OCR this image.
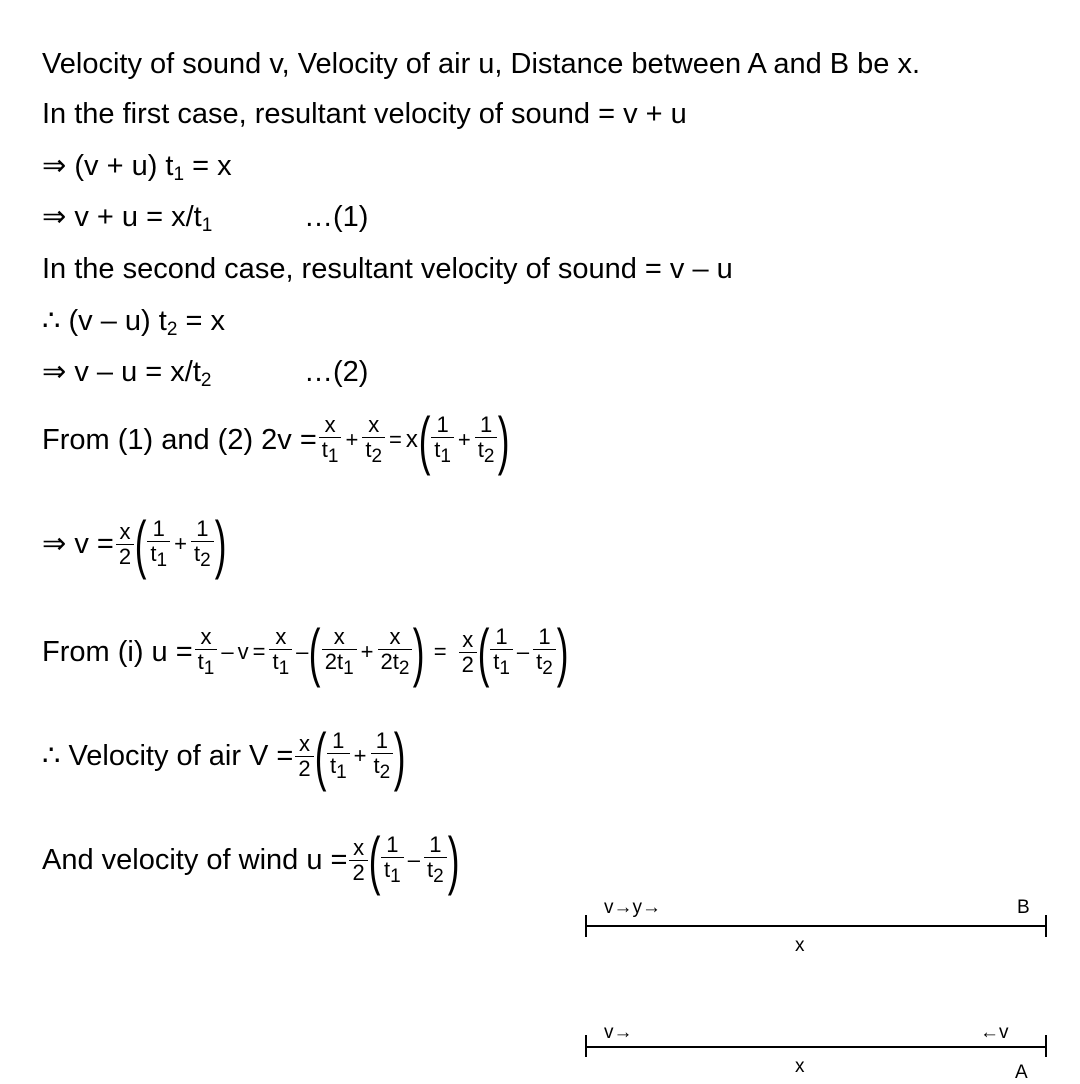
Velocity of sound v, Velocity of air u, Distance between A and B be x.
In the first case, resultant velocity of sound = v + u
⇒ (v + u) $t_1 = x$
⇒ $v + u = x/t_1$	…(1)
In the second case, resultant velocity of sound = v – u
∴ (v – u) $t_2 = x$
⇒ $v - u = x/t_2$	…(2)
From (1) and (2) $2v = \frac{x}{t1} + \frac{x}{t2} = x$ ( $\frac{1}{t1} + \frac{1}{t2}$ )
⇒ $v = \frac{x}{2}$ ( $\frac{1}{t1} + \frac{1}{t2}$ )
From (i) $u = \frac{x}{t1} - v = \frac{x}{t1}$ – ( $\frac{x}{2t1} + \frac{x}{2t2}$ ) = $\frac{x}{2}$ ( $\frac{1}{t1} - \frac{1}{t2}$ )
∴ Velocity of air $V = \frac{x}{2}$ ( $\frac{1}{t1} + \frac{1}{t2}$ )
And velocity of wind $u = \frac{x}{2}$ ( $\frac{1}{t1} - \frac{1}{t2}$ )
v→y→	B
x
v→	←v
x	A
